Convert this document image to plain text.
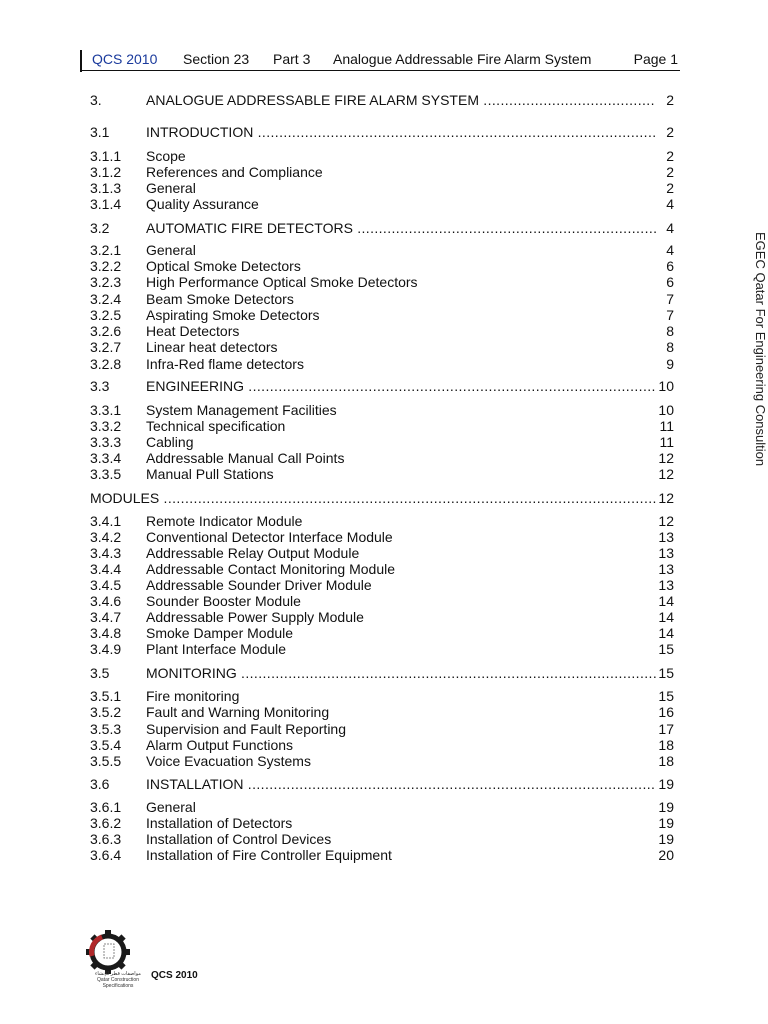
QCS 2010 Section 23 Part 3 Analogue Addressable Fire Alarm System	Page 1
3.	ANALOGUE ADDRESSABLE FIRE ALARM SYSTEM .....	2
3.1	INTRODUCTION .....	2
3.1.1 Scope	2
3.1.2 References and Compliance	2
3.1.3 General	2
3.1.4 Quality Assurance	4
3.2	AUTOMATIC FIRE DETECTORS .....	4
3.2.1 General	4
3.2.2 Optical Smoke Detectors	6
3.2.3 High Performance Optical Smoke Detectors	6
3.2.4 Beam Smoke Detectors	7
3.2.5 Aspirating Smoke Detectors	7
3.2.6 Heat Detectors	8
3.2.7 Linear heat detectors	8
3.2.8 Infra-Red flame detectors	9
3.3	ENGINEERING .....	10
3.3.1 System Management Facilities	10
3.3.2 Technical specification	11
3.3.3 Cabling	11
3.3.4 Addressable Manual Call Points	12
3.3.5 Manual Pull Stations	12
MODULES .....	12
3.4.1 Remote Indicator Module	12
3.4.2 Conventional Detector Interface Module	13
3.4.3 Addressable Relay Output Module	13
3.4.4 Addressable Contact Monitoring Module	13
3.4.5 Addressable Sounder Driver Module	13
3.4.6 Sounder Booster Module	14
3.4.7 Addressable Power Supply Module	14
3.4.8 Smoke Damper Module	14
3.4.9 Plant Interface Module	15
3.5	MONITORING .....	15
3.5.1 Fire monitoring	15
3.5.2 Fault and Warning Monitoring	16
3.5.3 Supervision and Fault Reporting	17
3.5.4 Alarm Output Functions	18
3.5.5 Voice Evacuation Systems	18
3.6	INSTALLATION .....	19
3.6.1 General	19
3.6.2 Installation of Detectors	19
3.6.3 Installation of Control Devices	19
3.6.4 Installation of Fire Controller Equipment	20
EGEC Qatar For Engineering Consultion
مواصفات قطر للإنشاء
Qatar Construction Specifications
QCS 2010
